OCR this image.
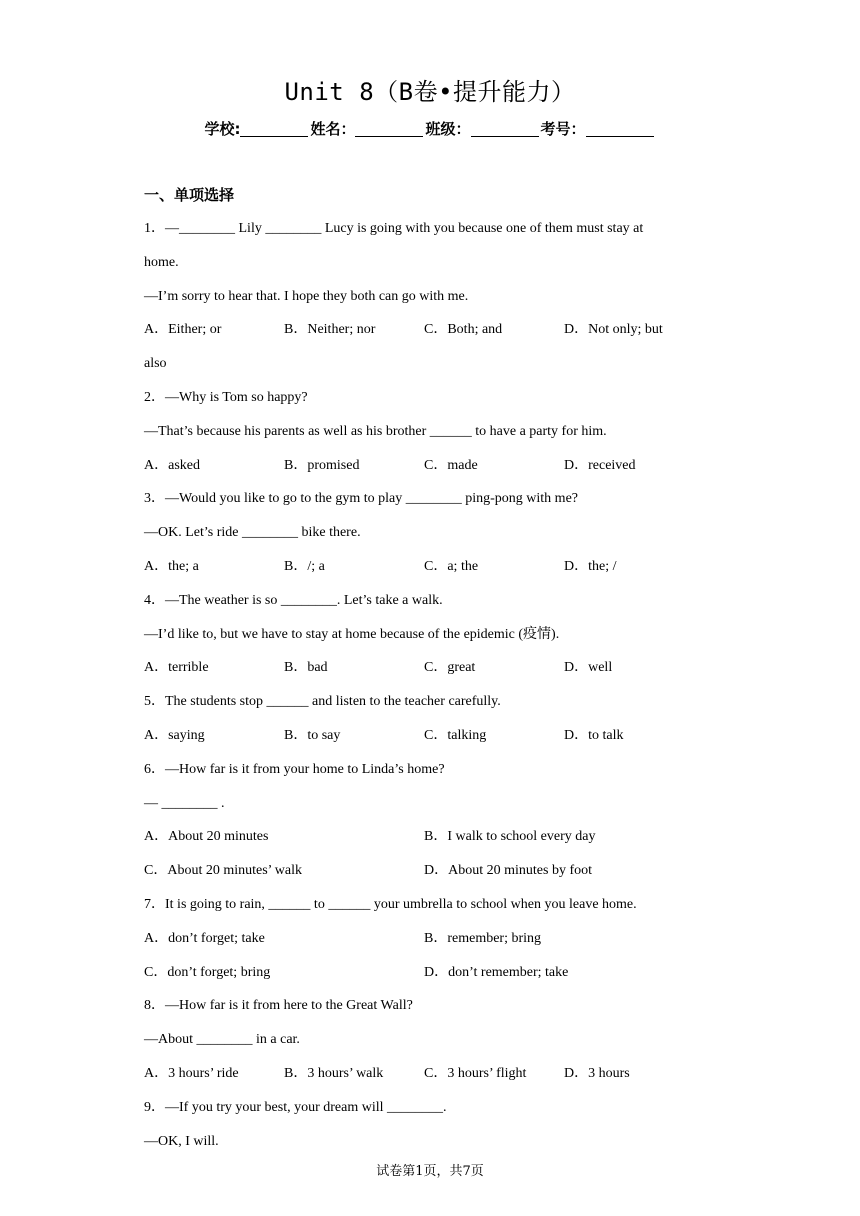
Unit 8（B卷•提升能力）
学校:	姓名：	班级：	考号：
一、单项选择
1．—________ Lily ________ Lucy is going with you because one of them must stay at
home.
—I’m sorry to hear that. I hope they both can go with me.
A．Either; or	B．Neither; nor	C．Both; and	D．Not only; but
also
2．—Why is Tom so happy?
—That’s because his parents as well as his brother ______ to have a party for him.
A．asked	B．promised	C．made	D．received
3．—Would you like to go to the gym to play ________ ping-pong with me?
—OK. Let’s ride ________ bike there.
A．the; a	B．/; a	C．a; the	D．the; /
4．—The weather is so ________. Let’s take a walk.
—I’d like to, but we have to stay at home because of the epidemic (疫情).
A．terrible	B．bad	C．great	D．well
5．The students stop ______ and listen to the teacher carefully.
A．saying	B．to say	C．talking	D．to talk
6．—How far is it from your home to Linda’s home?
— ________ .
A．About 20 minutes	B．I walk to school every day
C．About 20 minutes’ walk	D．About 20 minutes by foot
7．It is going to rain, ______ to ______ your umbrella to school when you leave home.
A．don’t forget; take	B．remember; bring
C．don’t forget; bring	D．don’t remember; take
8．—How far is it from here to the Great Wall?
—About ________ in a car.
A．3 hours’ ride	B．3 hours’ walk	C．3 hours’ flight	D．3 hours
9．—If you try your best, your dream will ________.
—OK, I will.
试卷第1页，共7页
